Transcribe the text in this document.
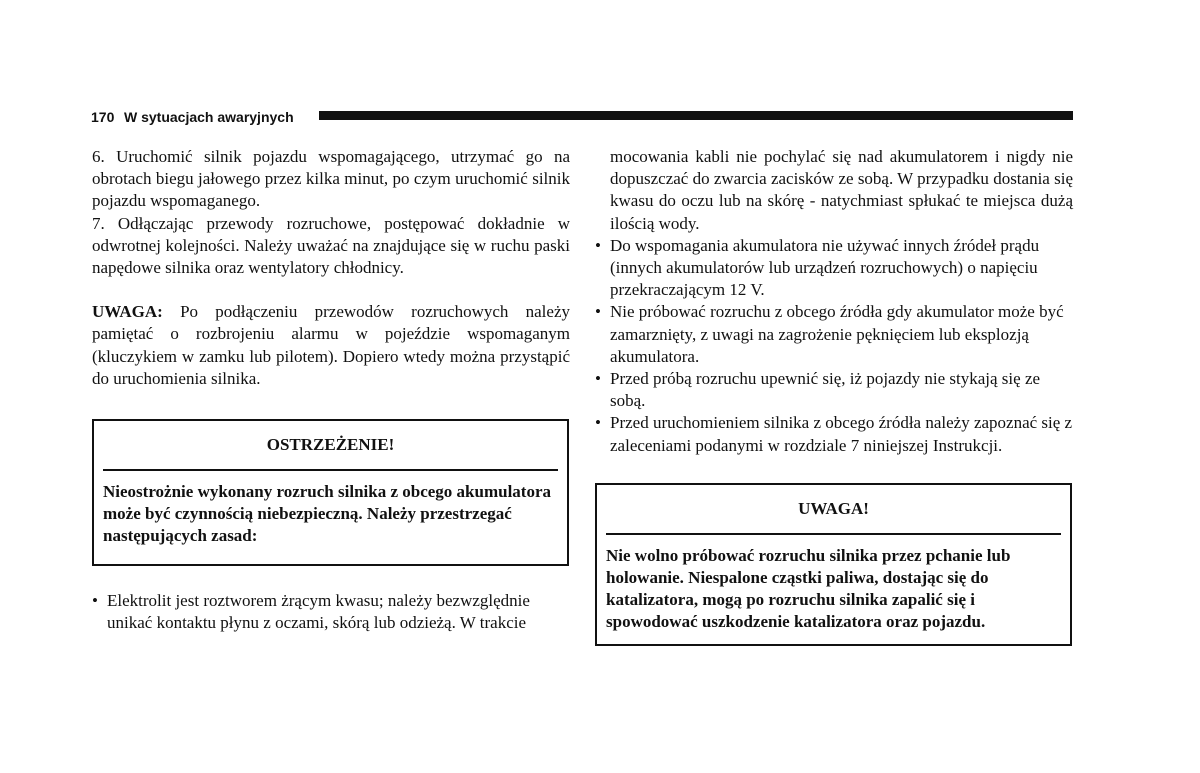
170 W sytuacjach awaryjnych

6. Uruchomić silnik pojazdu wspomagającego, utrzymać go na obrotach biegu jałowego przez kilka minut, po czym uruchomić silnik pojazdu wspomaganego.

7. Odłączając przewody rozruchowe, postępować dokładnie w odwrotnej kolejności. Należy uważać na znajdujące się w ruchu paski napędowe silnika oraz wentylatory chłodnicy.

UWAGA: Po podłączeniu przewodów rozruchowych należy pamiętać o rozbrojeniu alarmu w pojeździe wspomaganym (kluczykiem w zamku lub pilotem). Dopiero wtedy można przystąpić do uruchomienia silnika.

OSTRZEŻENIE!

Nieostrożnie wykonany rozruch silnika z obcego akumulatora może być czynnością niebezpieczną. Należy przestrzegać następujących zasad:

• Elektrolit jest roztworem żrącym kwasu; należy bezwzględnie unikać kontaktu płynu z oczami, skórą lub odzieżą. W trakcie

mocowania kabli nie pochylać się nad akumulatorem i nigdy nie dopuszczać do zwarcia zacisków ze sobą. W przypadku dostania się kwasu do oczu lub na skórę - natychmiast spłukać te miejsca dużą ilością wody.

• Do wspomagania akumulatora nie używać innych źródeł prądu (innych akumulatorów lub urządzeń rozruchowych) o napięciu przekraczającym 12 V.
• Nie próbować rozruchu z obcego źródła gdy akumulator może być zamarznięty, z uwagi na zagrożenie pęknięciem lub eksplozją akumulatora.
• Przed próbą rozruchu upewnić się, iż pojazdy nie stykają się ze sobą.
• Przed uruchomieniem silnika z obcego źródła należy zapoznać się z zaleceniami podanymi w rozdziale 7 niniejszej Instrukcji.
UWAGA!

Nie wolno próbować rozruchu silnika przez pchanie lub holowanie. Niespalone cząstki paliwa, dostając się do katalizatora, mogą po rozruchu silnika zapalić się i spowodować uszkodzenie katalizatora oraz pojazdu.
